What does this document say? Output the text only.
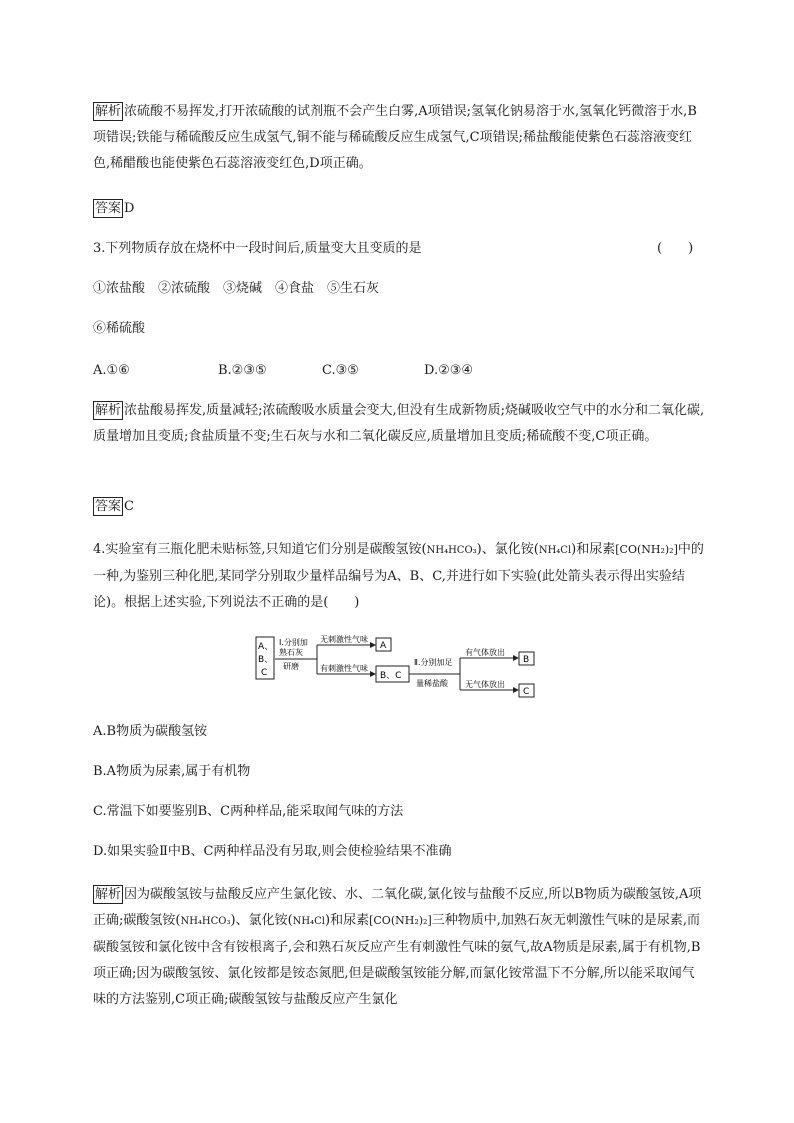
解析 浓硫酸不易挥发,打开浓硫酸的试剂瓶不会产生白雾,A项错误;氢氧化钠易溶于水,氢氧化钙微溶于水,B项错误;铁能与稀硫酸反应生成氢气,铜不能与稀硫酸反应生成氢气,C项错误;稀盐酸能使紫色石蕊溶液变红色,稀醋酸也能使紫色石蕊溶液变红色,D项正确。
答案 D
3.下列物质存放在烧杯中一段时间后,质量变大且变质的是	(　　)
①浓盐酸　②浓硫酸　③烧碱　④食盐　⑤生石灰
⑥稀硫酸
A.①⑥	B.②③⑤	C.③⑤	D.②③④
解析 浓盐酸易挥发,质量减轻;浓硫酸吸水质量会变大,但没有生成新物质;烧碱吸收空气中的水分和二氧化碳,质量增加且变质;食盐质量不变;生石灰与水和二氧化碳反应,质量增加且变质;稀硫酸不变,C项正确。
答案 C
4.实验室有三瓶化肥未贴标签,只知道它们分别是碳酸氢铵(NH₄HCO₃)、氯化铵(NH₄Cl)和尿素[CO(NH₂)₂]中的一种,为鉴别三种化肥,某同学分别取少量样品编号为A、B、C,并进行如下实验(此处箭头表示得出实验结论)。根据上述实验,下列说法不正确的是(　　)
A、
B、
C
Ⅰ.分别加
熟石灰
研磨
无刺激性气味
A
有刺激性气味
B、C
Ⅱ.分别加足
量稀盐酸
有气体放出
B
无气体放出
C
A.B物质为碳酸氢铵
B.A物质为尿素,属于有机物
C.常温下如要鉴别B、C两种样品,能采取闻气味的方法
D.如果实验Ⅱ中B、C两种样品没有另取,则会使检验结果不准确
解析 因为碳酸氢铵与盐酸反应产生氯化铵、水、二氧化碳,氯化铵与盐酸不反应,所以B物质为碳酸氢铵,A项正确;碳酸氢铵(NH₄HCO₃)、氯化铵(NH₄Cl)和尿素[CO(NH₂)₂]三种物质中,加熟石灰无刺激性气味的是尿素,而碳酸氢铵和氯化铵中含有铵根离子,会和熟石灰反应产生有刺激性气味的氨气,故A物质是尿素,属于有机物,B项正确;因为碳酸氢铵、氯化铵都是铵态氮肥,但是碳酸氢铵能分解,而氯化铵常温下不分解,所以能采取闻气味的方法鉴别,C项正确;碳酸氢铵与盐酸反应产生氯化
